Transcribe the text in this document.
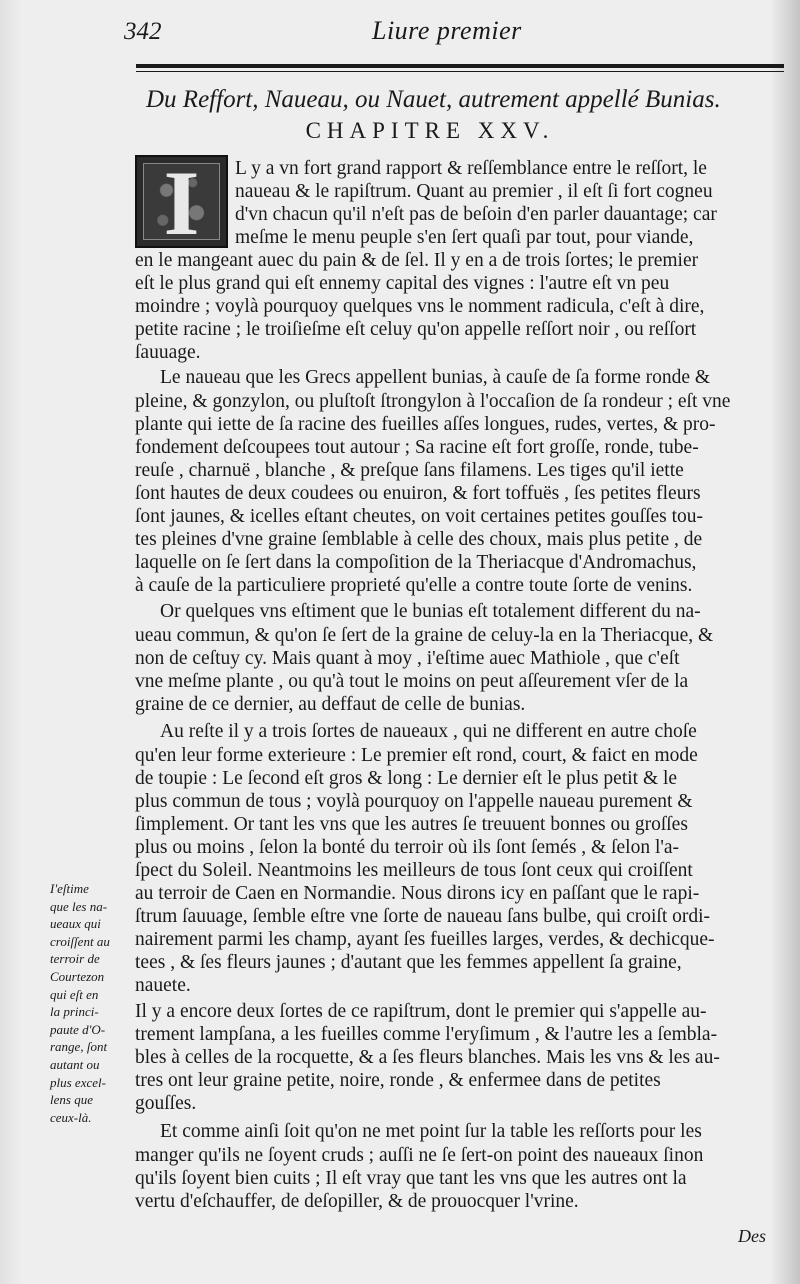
342	Liure premier
Du Reffort, Naueau, ou Nauet, autrement appellé Bunias.
CHAPITRE XXV.
I	L y a vn fort grand rapport & reſſemblance entre le reſſort, le
naueau & le rapiſtrum. Quant au premier , il eſt ſi fort cogneu
d'vn chacun qu'il n'eſt pas de beſoin d'en parler dauantage; car
meſme le menu peuple s'en ſert quaſi par tout, pour viande,
en le mangeant auec du pain & de ſel. Il y en a de trois ſortes; le premier
eſt le plus grand qui eſt ennemy capital des vignes : l'autre eſt vn peu
moindre ; voylà pourquoy quelques vns le nomment radicula, c'eſt à dire,
petite racine ; le troiſieſme eſt celuy qu'on appelle reſſort noir , ou reſſort
ſauuage.
Le naueau que les Grecs appellent bunias, à cauſe de ſa forme ronde &
pleine, & gonzylon, ou pluſtoſt ſtrongylon à l'occaſion de ſa rondeur ; eſt vne
plante qui iette de ſa racine des fueilles aſſes longues, rudes, vertes, & pro-
fondement deſcoupees tout autour ; Sa racine eſt fort groſſe, ronde, tube-
reuſe , charnuë , blanche , & preſque ſans filamens. Les tiges qu'il iette
ſont hautes de deux coudees ou enuiron, & fort toffuës , ſes petites fleurs
ſont jaunes, & icelles eſtant cheutes, on voit certaines petites gouſſes tou-
tes pleines d'vne graine ſemblable à celle des choux, mais plus petite , de
laquelle on ſe ſert dans la compoſition de la Theriacque d'Andromachus,
à cauſe de la particuliere proprieté qu'elle a contre toute ſorte de venins.
Or quelques vns eſtiment que le bunias eſt totalement different du na-
ueau commun, & qu'on ſe ſert de la graine de celuy-la en la Theriacque, &
non de ceſtuy cy. Mais quant à moy , i'eſtime auec Mathiole , que c'eſt
vne meſme plante , ou qu'à tout le moins on peut aſſeurement vſer de la
graine de ce dernier, au deffaut de celle de bunias.
Au reſte il y a trois ſortes de naueaux , qui ne different en autre choſe
qu'en leur forme exterieure : Le premier eſt rond, court, & faict en mode
de toupie : Le ſecond eſt gros & long : Le dernier eſt le plus petit & le
plus commun de tous ; voylà pourquoy on l'appelle naueau purement &
ſimplement. Or tant les vns que les autres ſe treuuent bonnes ou groſſes
plus ou moins , ſelon la bonté du terroir où ils ſont ſemés , & ſelon l'a-
ſpect du Soleil. Neantmoins les meilleurs de tous ſont ceux qui croiſſent
au terroir de Caen en Normandie. Nous dirons icy en paſſant que le rapi-
ſtrum ſauuage, ſemble eſtre vne ſorte de naueau ſans bulbe, qui croiſt ordi-
nairement parmi les champ, ayant ſes fueilles larges, verdes, & dechicque-
tees , & ſes fleurs jaunes ; d'autant que les femmes appellent ſa graine,
nauete.
Il y a encore deux ſortes de ce rapiſtrum, dont le premier qui s'appelle au-
trement lampſana, a les fueilles comme l'eryſimum , & l'autre les a ſembla-
bles à celles de la rocquette, & a ſes fleurs blanches. Mais les vns & les au-
tres ont leur graine petite, noire, ronde , & enfermee dans de petites
gouſſes.
Et comme ainſi ſoit qu'on ne met point ſur la table les reſſorts pour les
manger qu'ils ne ſoyent cruds ; auſſi ne ſe ſert-on point des naueaux ſinon
qu'ils ſoyent bien cuits ; Il eſt vray que tant les vns que les autres ont la
vertu d'eſchauffer, de deſopiller, & de prouocquer l'vrine.
I'eſtime
que les na-
ueaux qui
croiſſent au
terroir de
Courtezon
qui eſt en
la princi-
paute d'O-
range, ſont
autant ou
plus excel-
lens que
ceux-là.
Des
